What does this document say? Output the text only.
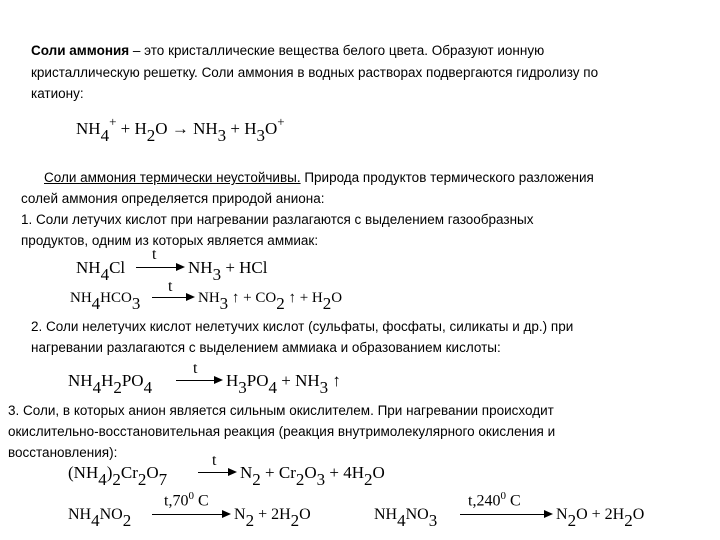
Соли аммония – это кристаллические вещества белого цвета. Образуют ионную
кристаллическую решетку. Соли аммония в водных растворах подвергаются гидролизу по
катиону:
$NH_4^+ + H_2O \to NH_3 + H_3O^+$
Соли аммония термически неустойчивы. Природа продуктов термического разложения
солей аммония определяется природой аниона:
1. Соли летучих кислот при нагревании разлагаются с выделением газообразных
продуктов, одним из которых является аммиак:
$NH_4Cl$
t
$NH_3$ + HCl
$NH_4HCO_3$
t
$NH_3$ ↑ + $CO_2$ ↑ + $H_2O$
2. Соли нелетучих кислот нелетучих кислот (сульфаты, фосфаты, силикаты и др.) при
нагревании разлагаются с выделением аммиака и образованием кислоты:
$NH_4H_2PO_4$
t
$H_3PO_4 + NH_3$ ↑
3. Соли, в которых анион является сильным окислителем. При нагревании происходит
окислительно-восстановительная реакция (реакция внутримолекулярного окисления и
восстановления):
$(NH_4)_2Cr_2O_7$
t
$N_2 + Cr_2O_3 + 4H_2O$
$NH_4NO_2$
$t,70^0$ C
$N_2 + 2H_2O$	$NH_4NO_3$
t,240$^0$ C
$N_2O + 2H_2O$
